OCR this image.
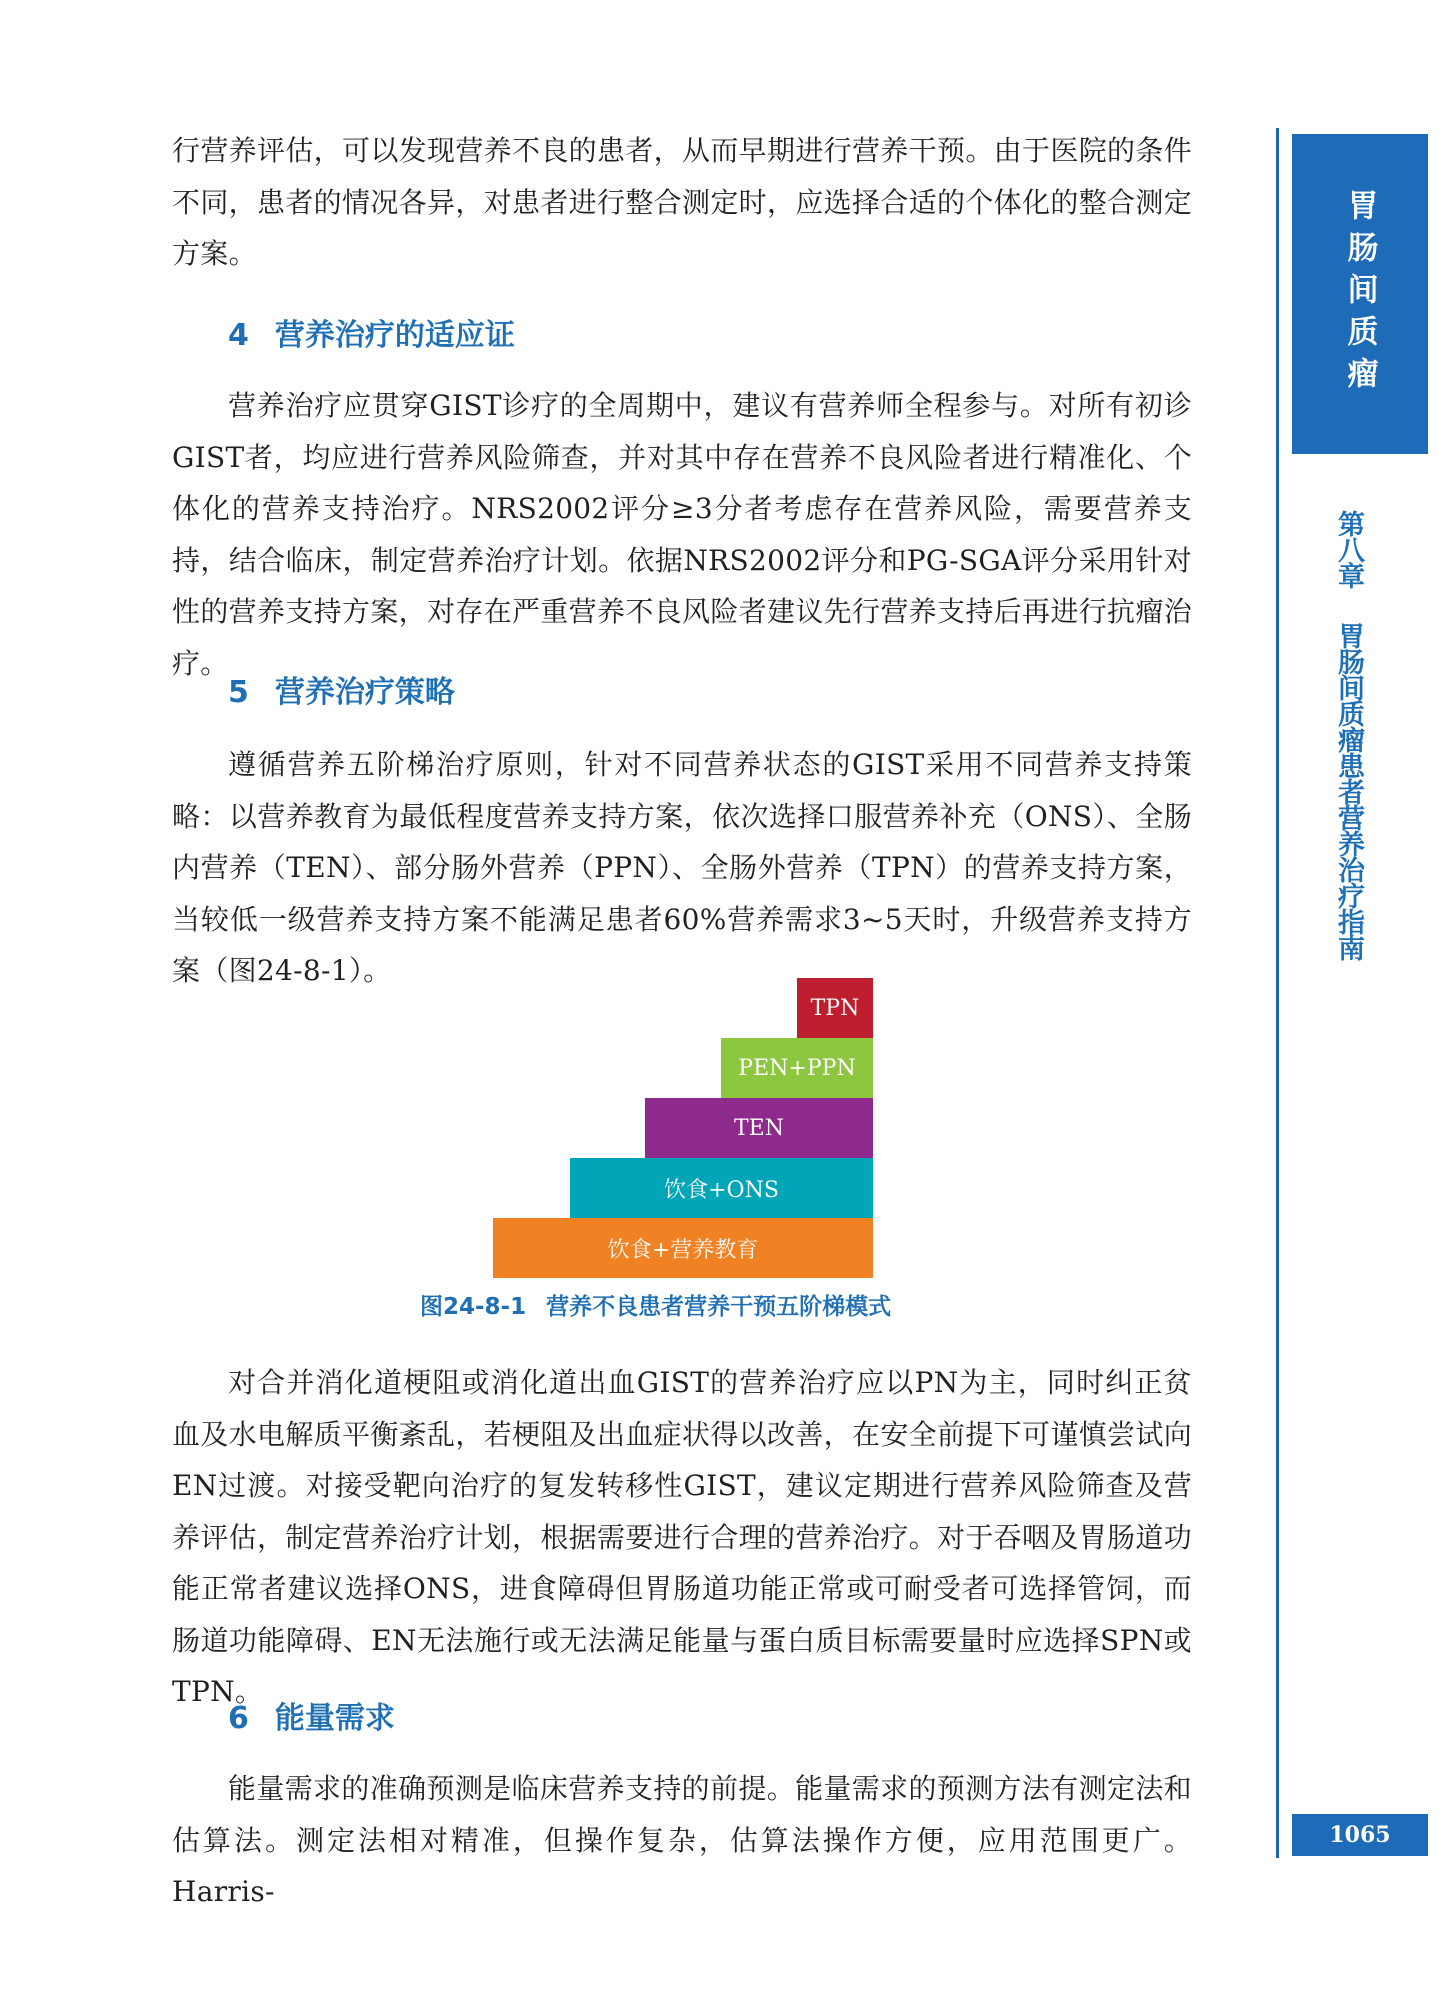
行营养评估，可以发现营养不良的患者，从而早期进行营养干预。由于医院的条件不同，患者的情况各异，对患者进行整合测定时，应选择合适的个体化的整合测定方案。

4 营养治疗的适应证

营养治疗应贯穿GIST诊疗的全周期中，建议有营养师全程参与。对所有初诊GIST者，均应进行营养风险筛查，并对其中存在营养不良风险者进行精准化、个体化的营养支持治疗。NRS2002评分≥3分者考虑存在营养风险，需要营养支持，结合临床，制定营养治疗计划。依据NRS2002评分和PG-SGA评分采用针对性的营养支持方案，对存在严重营养不良风险者建议先行营养支持后再进行抗瘤治疗。

5 营养治疗策略

遵循营养五阶梯治疗原则，针对不同营养状态的GIST采用不同营养支持策略：以营养教育为最低程度营养支持方案，依次选择口服营养补充（ONS）、全肠内营养（TEN）、部分肠外营养（PPN）、全肠外营养（TPN）的营养支持方案，当较低一级营养支持方案不能满足患者60%营养需求3~5天时，升级营养支持方案（图24-8-1）。

饮食+营养教育
饮食+ONS
TEN
PEN+PPN
TPN

图24-8-1 营养不良患者营养干预五阶梯模式

对合并消化道梗阻或消化道出血GIST的营养治疗应以PN为主，同时纠正贫血及水电解质平衡紊乱，若梗阻及出血症状得以改善，在安全前提下可谨慎尝试向EN过渡。对接受靶向治疗的复发转移性GIST，建议定期进行营养风险筛查及营养评估，制定营养治疗计划，根据需要进行合理的营养治疗。对于吞咽及胃肠道功能正常者建议选择ONS，进食障碍但胃肠道功能正常或可耐受者可选择管饲，而肠道功能障碍、EN无法施行或无法满足能量与蛋白质目标需要量时应选择SPN或TPN。

6 能量需求

能量需求的准确预测是临床营养支持的前提。能量需求的预测方法有测定法和估算法。测定法相对精准，但操作复杂，估算法操作方便，应用范围更广。Harris-

胃肠间质瘤
第八章胃肠间质瘤患者营养治疗指南
1065
